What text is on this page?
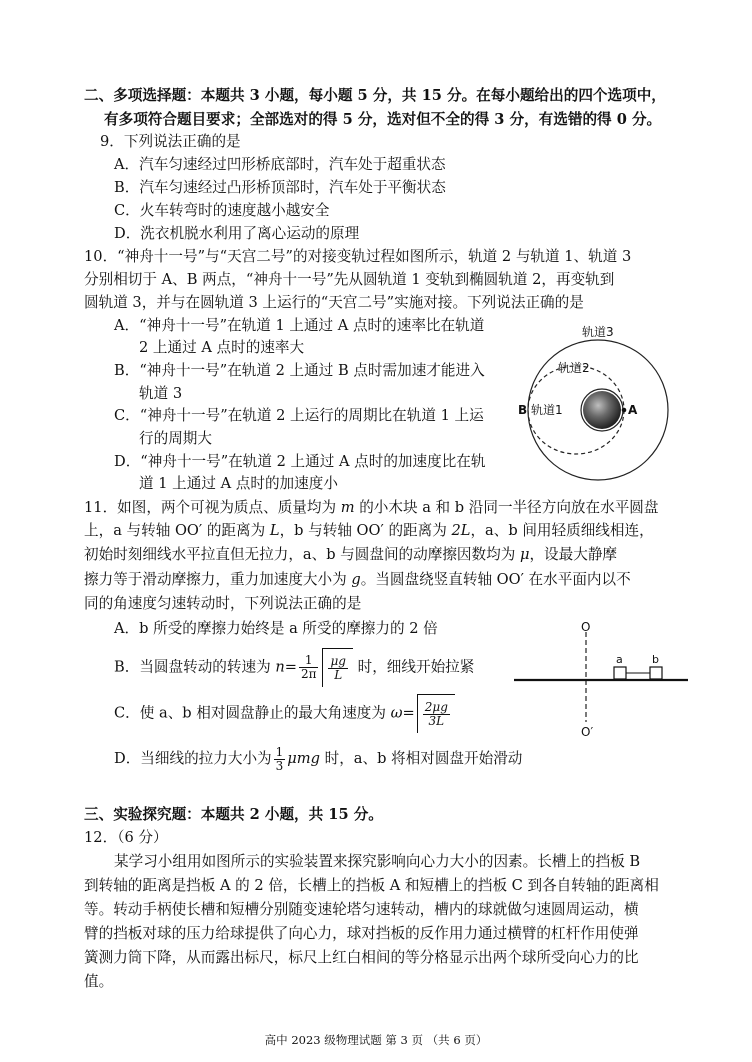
二、多项选择题：本题共 3 小题，每小题 5 分，共 15 分。在每小题给出的四个选项中，
有多项符合题目要求；全部选对的得 5 分，选对但不全的得 3 分，有选错的得 0 分。
9．下列说法正确的是
A．汽车匀速经过凹形桥底部时，汽车处于超重状态
B．汽车匀速经过凸形桥顶部时，汽车处于平衡状态
C．火车转弯时的速度越小越安全
D．洗衣机脱水利用了离心运动的原理
10．“神舟十一号”与“天宫二号”的对接变轨过程如图所示，轨道 2 与轨道 1、轨道 3
分别相切于 A、B 两点，“神舟十一号”先从圆轨道 1 变轨到椭圆轨道 2，再变轨到
圆轨道 3，并与在圆轨道 3 上运行的“天宫二号”实施对接。下列说法正确的是
A．“神舟十一号”在轨道 1 上通过 A 点时的速率比在轨道
2 上通过 A 点时的速率大
B．“神舟十一号”在轨道 2 上通过 B 点时需加速才能进入
轨道 3
C．“神舟十一号”在轨道 2 上运行的周期比在轨道 1 上运
行的周期大
D．“神舟十一号”在轨道 2 上通过 A 点时的加速度比在轨
道 1 上通过 A 点时的加速度小
轨道3
轨道2
轨道1
B	A
11．如图，两个可视为质点、质量均为 m 的小木块 a 和 b 沿同一半径方向放在水平圆盘
上，a 与转轴 OO′ 的距离为 L，b 与转轴 OO′ 的距离为 2L，a、b 间用轻质细线相连，
初始时刻细线水平拉直但无拉力，a、b 与圆盘间的动摩擦因数均为 μ，设最大静摩
擦力等于滑动摩擦力，重力加速度大小为 g。当圆盘绕竖直转轴 OO′ 在水平面内以不
同的角速度匀速转动时，下列说法正确的是
A．b 所受的摩擦力始终是 a 所受的摩擦力的 2 倍
B．当圆盘转动的转速为 $n= \frac{1}{2\pi} \frac{\mu g}{L}$ 时，细线开始拉紧
C．使 a、b 相对圆盘静止的最大角速度为 $\omega= \frac{2\mu g}{3L}$
D．当细线的拉力大小为 $\frac{1}{3}$ μmg 时，a、b 将相对圆盘开始滑动
O
O′
a	b
三、实验探究题：本题共 2 小题，共 15 分。
12．（6 分）
某学习小组用如图所示的实验装置来探究影响向心力大小的因素。长槽上的挡板 B
到转轴的距离是挡板 A 的 2 倍，长槽上的挡板 A 和短槽上的挡板 C 到各自转轴的距离相
等。转动手柄使长槽和短槽分别随变速轮塔匀速转动，槽内的球就做匀速圆周运动，横
臂的挡板对球的压力给球提供了向心力，球对挡板的反作用力通过横臂的杠杆作用使弹
簧测力筒下降，从而露出标尺，标尺上红白相间的等分格显示出两个球所受向心力的比
值。
高中 2023 级物理试题 第 3 页 （共 6 页）
